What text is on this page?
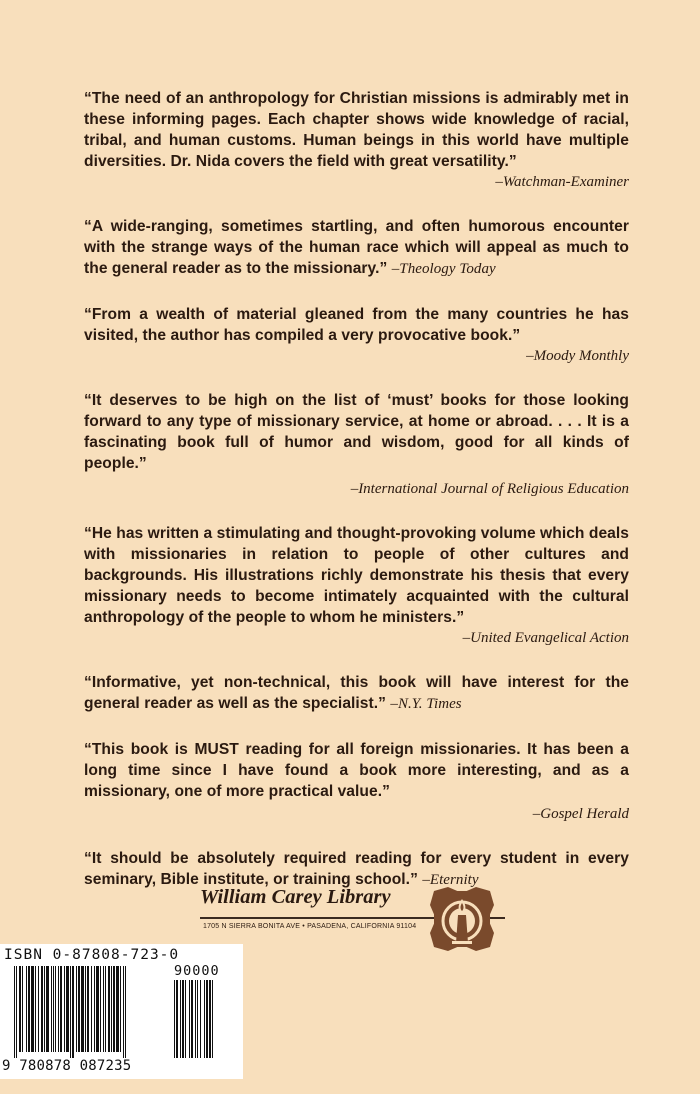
“The need of an anthropology for Christian missions is admirably met in these informing pages. Each chapter shows wide knowledge of racial, tribal, and human customs. Human beings in this world have multiple diversities. Dr. Nida covers the field with great versatility.”
–Watchman-Examiner
“A wide-ranging, sometimes startling, and often humorous encounter with the strange ways of the human race which will appeal as much to the general reader as to the missionary.” –Theology Today
“From a wealth of material gleaned from the many countries he has visited, the author has compiled a very provocative book.”
–Moody Monthly
“It deserves to be high on the list of ‘must’ books for those looking forward to any type of missionary service, at home or abroad. . . . It is a fascinating book full of humor and wisdom, good for all kinds of people.”
–International Journal of Religious Education
“He has written a stimulating and thought-provoking volume which deals with missionaries in relation to people of other cultures and backgrounds. His illustrations richly demonstrate his thesis that every missionary needs to become intimately acquainted with the cultural anthropology of the people to whom he ministers.”
–United Evangelical Action
“Informative, yet non-technical, this book will have interest for the general reader as well as the specialist.” –N.Y. Times
“This book is MUST reading for all foreign missionaries. It has been a long time since I have found a book more interesting, and as a missionary, one of more practical value.”
–Gospel Herald
“It should be absolutely required reading for every student in every seminary, Bible institute, or training school.” –Eternity
William Carey Library
1705 N SIERRA BONITA AVE • PASADENA, CALIFORNIA 91104
ISBN 0-87808-723-0
90000
9 780878 087235
